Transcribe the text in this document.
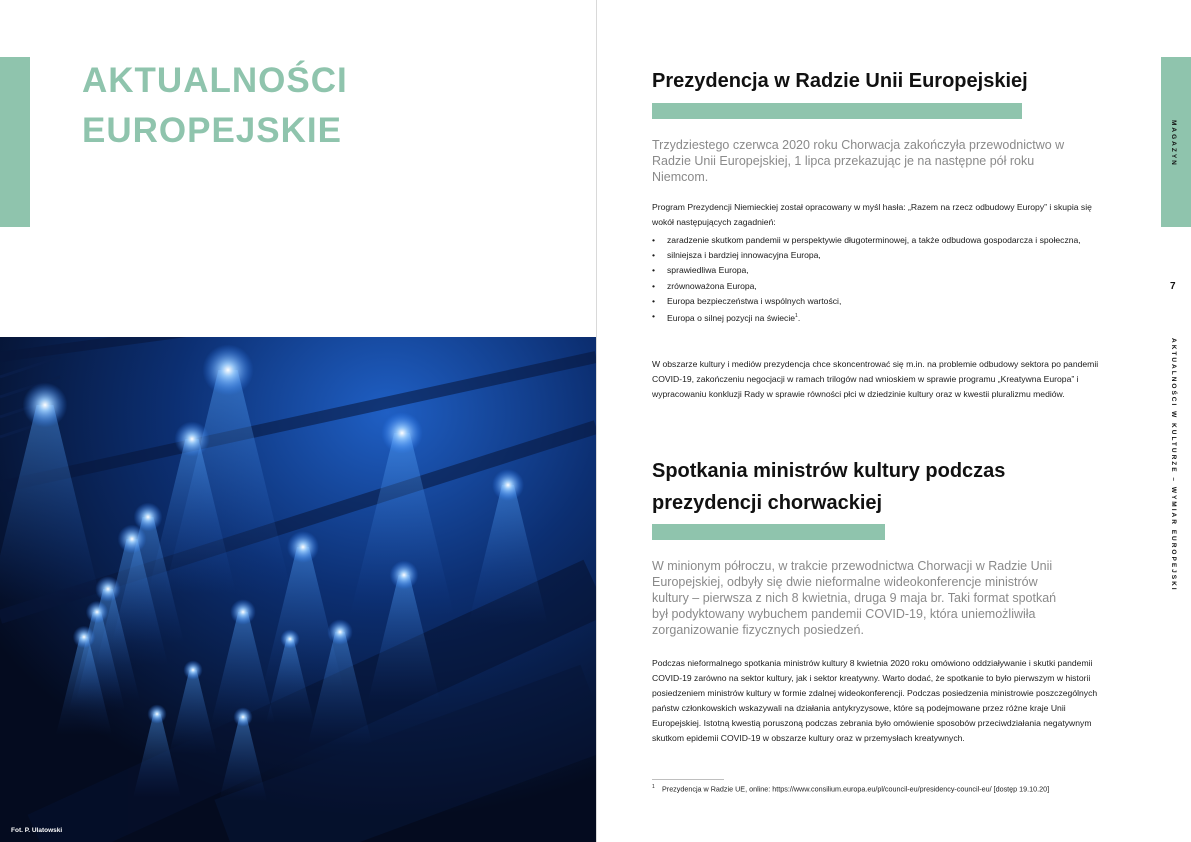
AKTUALNOŚCI
EUROPEJSKIE
Fot. P. Ulatowski
Prezydencja w Radzie Unii Europejskiej

Trzydziestego czerwca 2020 roku Chorwacja zakończyła przewodnictwo w Radzie Unii Europejskiej, 1 lipca przekazując je na następne pół roku Niemcom.

Program Prezydencji Niemieckiej został opracowany w myśl hasła: „Razem na rzecz odbudowy Europy” i skupia się wokół następujących zagadnień:

• zaradzenie skutkom pandemii w perspektywie długoterminowej, a także odbudowa gospodarcza i społeczna,
• silniejsza i bardziej innowacyjna Europa,
• sprawiedliwa Europa,
• zrównoważona Europa,
• Europa bezpieczeństwa i wspólnych wartości,
• Europa o silnej pozycji na świecie$^1$.

W obszarze kultury i mediów prezydencja chce skoncentrować się m.in. na problemie odbudowy sektora po pandemii COVID-19, zakończeniu negocjacji w ramach trilogów nad wnioskiem w sprawie programu „Kreatywna Europa” i wypracowaniu konkluzji Rady w sprawie równości płci w dziedzinie kultury oraz w kwestii pluralizmu mediów.

Spotkania ministrów kultury podczas
prezydencji chorwackiej

W minionym półroczu, w trakcie przewodnictwa Chorwacji w Radzie Unii Europejskiej, odbyły się dwie nieformalne wideokonferencje ministrów kultury – pierwsza z nich 8 kwietnia, druga 9 maja br. Taki format spotkań był podyktowany wybuchem pandemii COVID-19, która uniemożliwiła zorganizowanie fizycznych posiedzeń.

Podczas nieformalnego spotkania ministrów kultury 8 kwietnia 2020 roku omówiono oddziaływanie i skutki pandemii COVID-19 zarówno na sektor kultury, jak i sektor kreatywny. Warto dodać, że spotkanie to było pierwszym w historii posiedzeniem ministrów kultury w formie zdalnej wideokonferencji. Podczas posiedzenia ministrowie poszczególnych państw członkowskich wskazywali na działania antykryzysowe, które są podejmowane przez różne kraje Unii Europejskiej. Istotną kwestią poruszoną podczas zebrania było omówienie sposobów przeciwdziałania negatywnym skutkom epidemii COVID-19 w obszarze kultury oraz w przemysłach kreatywnych.

$^1$ Prezydencja w Radzie UE, online: https://www.consilium.europa.eu/pl/council-eu/presidency-council-eu/ [dostęp 19.10.20]

MAGAZYN
7
AKTUALNOŚCI W KULTURZE – WYMIAR EUROPEJSKI
